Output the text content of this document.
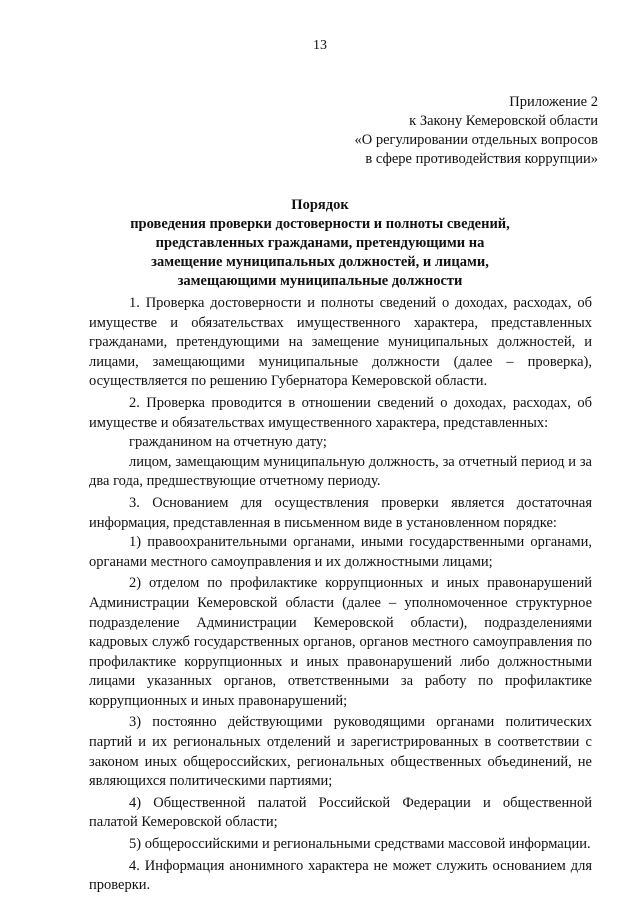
13
Приложение 2
к Закону Кемеровской области
«О регулировании отдельных вопросов
в сфере противодействия коррупции»
Порядок
проведения проверки достоверности и полноты сведений,
представленных гражданами, претендующими на
замещение муниципальных должностей, и лицами,
замещающими муниципальные должности

1. Проверка достоверности и полноты сведений о доходах, расходах, об имуществе и обязательствах имущественного характера, представленных гражданами, претендующими на замещение муниципальных должностей, и лицами, замещающими муниципальные должности (далее – проверка), осуществляется по решению Губернатора Кемеровской области.

2. Проверка проводится в отношении сведений о доходах, расходах, об имуществе и обязательствах имущественного характера, представленных:

гражданином на отчетную дату;

лицом, замещающим муниципальную должность, за отчетный период и за два года, предшествующие отчетному периоду.

3. Основанием для осуществления проверки является достаточная информация, представленная в письменном виде в установленном порядке:

1) правоохранительными органами, иными государственными органами, органами местного самоуправления и их должностными лицами;

2) отделом по профилактике коррупционных и иных правонарушений Администрации Кемеровской области (далее – уполномоченное структурное подразделение Администрации Кемеровской области), подразделениями кадровых служб государственных органов, органов местного самоуправления по профилактике коррупционных и иных правонарушений либо должностными лицами указанных органов, ответственными за работу по профилактике коррупционных и иных правонарушений;

3) постоянно действующими руководящими органами политических партий и их региональных отделений и зарегистрированных в соответствии с законом иных общероссийских, региональных общественных объединений, не являющихся политическими партиями;

4) Общественной палатой Российской Федерации и общественной палатой Кемеровской области;

5) общероссийскими и региональными средствами массовой информации.

4. Информация анонимного характера не может служить основанием для проверки.
